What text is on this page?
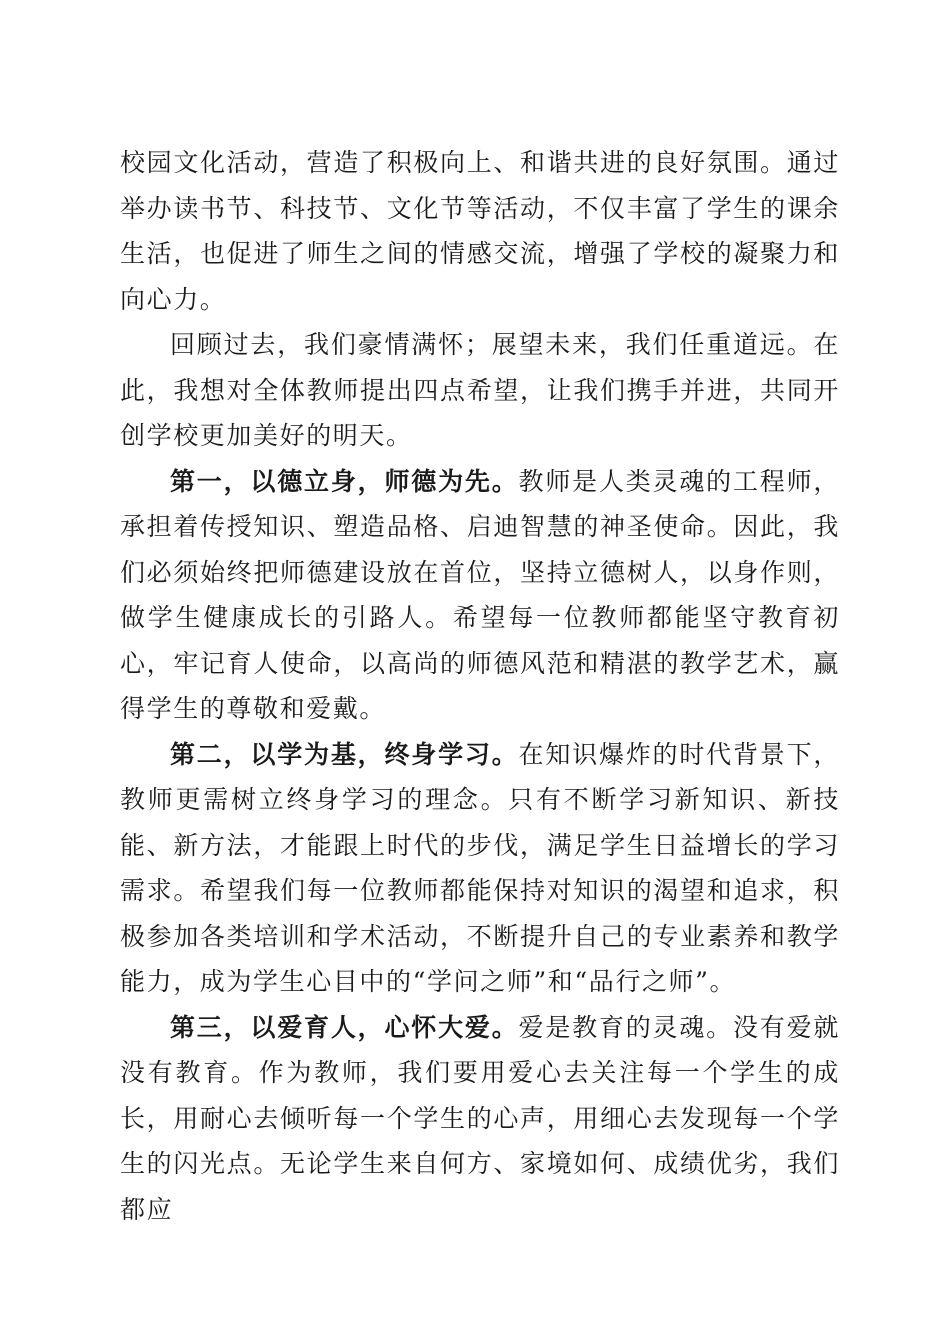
校园文化活动，营造了积极向上、和谐共进的良好氛围。通过举办读书节、科技节、文化节等活动，不仅丰富了学生的课余生活，也促进了师生之间的情感交流，增强了学校的凝聚力和向心力。

回顾过去，我们豪情满怀；展望未来，我们任重道远。在此，我想对全体教师提出四点希望，让我们携手并进，共同开创学校更加美好的明天。

第一，以德立身，师德为先。教师是人类灵魂的工程师，承担着传授知识、塑造品格、启迪智慧的神圣使命。因此，我们必须始终把师德建设放在首位，坚持立德树人，以身作则，做学生健康成长的引路人。希望每一位教师都能坚守教育初心，牢记育人使命，以高尚的师德风范和精湛的教学艺术，赢得学生的尊敬和爱戴。

第二，以学为基，终身学习。在知识爆炸的时代背景下，教师更需树立终身学习的理念。只有不断学习新知识、新技能、新方法，才能跟上时代的步伐，满足学生日益增长的学习需求。希望我们每一位教师都能保持对知识的渴望和追求，积极参加各类培训和学术活动，不断提升自己的专业素养和教学能力，成为学生心目中的“学问之师”和“品行之师”。

第三，以爱育人，心怀大爱。爱是教育的灵魂。没有爱就没有教育。作为教师，我们要用爱心去关注每一个学生的成长，用耐心去倾听每一个学生的心声，用细心去发现每一个学生的闪光点。无论学生来自何方、家境如何、成绩优劣，我们都应
